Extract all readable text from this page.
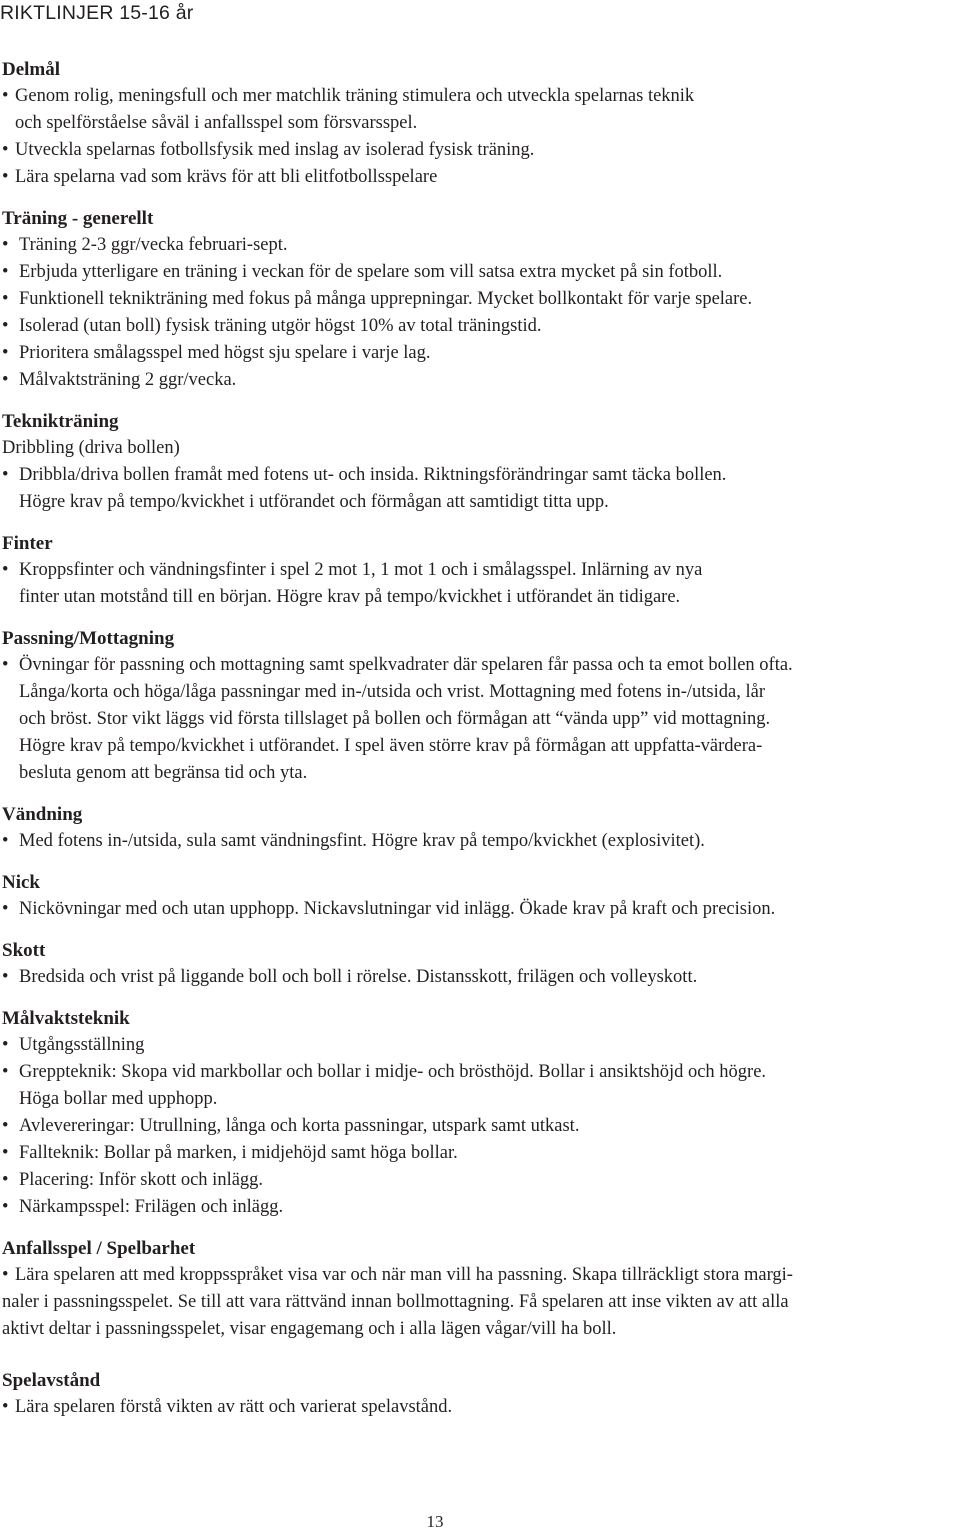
RIKTLINJER 15-16 år
Delmål
• Genom rolig, meningsfull och mer matchlik träning stimulera och utveckla spelarnas teknik
och spelförståelse såväl i anfallsspel som försvarsspel.
• Utveckla spelarnas fotbollsfysik med inslag av isolerad fysisk träning.
• Lära spelarna vad som krävs för att bli elitfotbollsspelare
Träning - generellt
• Träning 2-3 ggr/vecka februari-sept.
• Erbjuda ytterligare en träning i veckan för de spelare som vill satsa extra mycket på sin fotboll.
• Funktionell teknikträning med fokus på många upprepningar. Mycket bollkontakt för varje spelare.
• Isolerad (utan boll) fysisk träning utgör högst 10% av total träningstid.
• Prioritera smålagsspel med högst sju spelare i varje lag.
• Målvaktsträning 2 ggr/vecka.
Teknikträning
Dribbling (driva bollen)
• Dribbla/driva bollen framåt med fotens ut- och insida. Riktningsförändringar samt täcka bollen.
Högre krav på tempo/kvickhet i utförandet och förmågan att samtidigt titta upp.
Finter
• Kroppsfinter och vändningsfinter i spel 2 mot 1, 1 mot 1 och i smålagsspel. Inlärning av nya
finter utan motstånd till en början. Högre krav på tempo/kvickhet i utförandet än tidigare.
Passning/Mottagning
• Övningar för passning och mottagning samt spelkvadrater där spelaren får passa och ta emot bollen ofta.
Långa/korta och höga/låga passningar med in-/utsida och vrist. Mottagning med fotens in-/utsida, lår
och bröst. Stor vikt läggs vid första tillslaget på bollen och förmågan att “vända upp” vid mottagning.
Högre krav på tempo/kvickhet i utförandet. I spel även större krav på förmågan att uppfatta-värdera-
besluta genom att begränsa tid och yta.
Vändning
• Med fotens in-/utsida, sula samt vändningsfint. Högre krav på tempo/kvickhet (explosivitet).
Nick
• Nickövningar med och utan upphopp. Nickavslutningar vid inlägg. Ökade krav på kraft och precision.
Skott
• Bredsida och vrist på liggande boll och boll i rörelse. Distansskott, frilägen och volleyskott.
Målvaktsteknik
• Utgångsställning
• Greppteknik: Skopa vid markbollar och bollar i midje- och brösthöjd. Bollar i ansiktshöjd och högre.
Höga bollar med upphopp.
• Avlevereringar: Utrullning, långa och korta passningar, utspark samt utkast.
• Fallteknik: Bollar på marken, i midjehöjd samt höga bollar.
• Placering: Inför skott och inlägg.
• Närkampsspel: Frilägen och inlägg.
Anfallsspel / Spelbarhet
• Lära spelaren att med kroppsspråket visa var och när man vill ha passning. Skapa tillräckligt stora margi-
naler i passningsspelet. Se till att vara rättvänd innan bollmottagning. Få spelaren att inse vikten av att alla
aktivt deltar i passningsspelet, visar engagemang och i alla lägen vågar/vill ha boll.
Spelavstånd
• Lära spelaren förstå vikten av rätt och varierat spelavstånd.
13
